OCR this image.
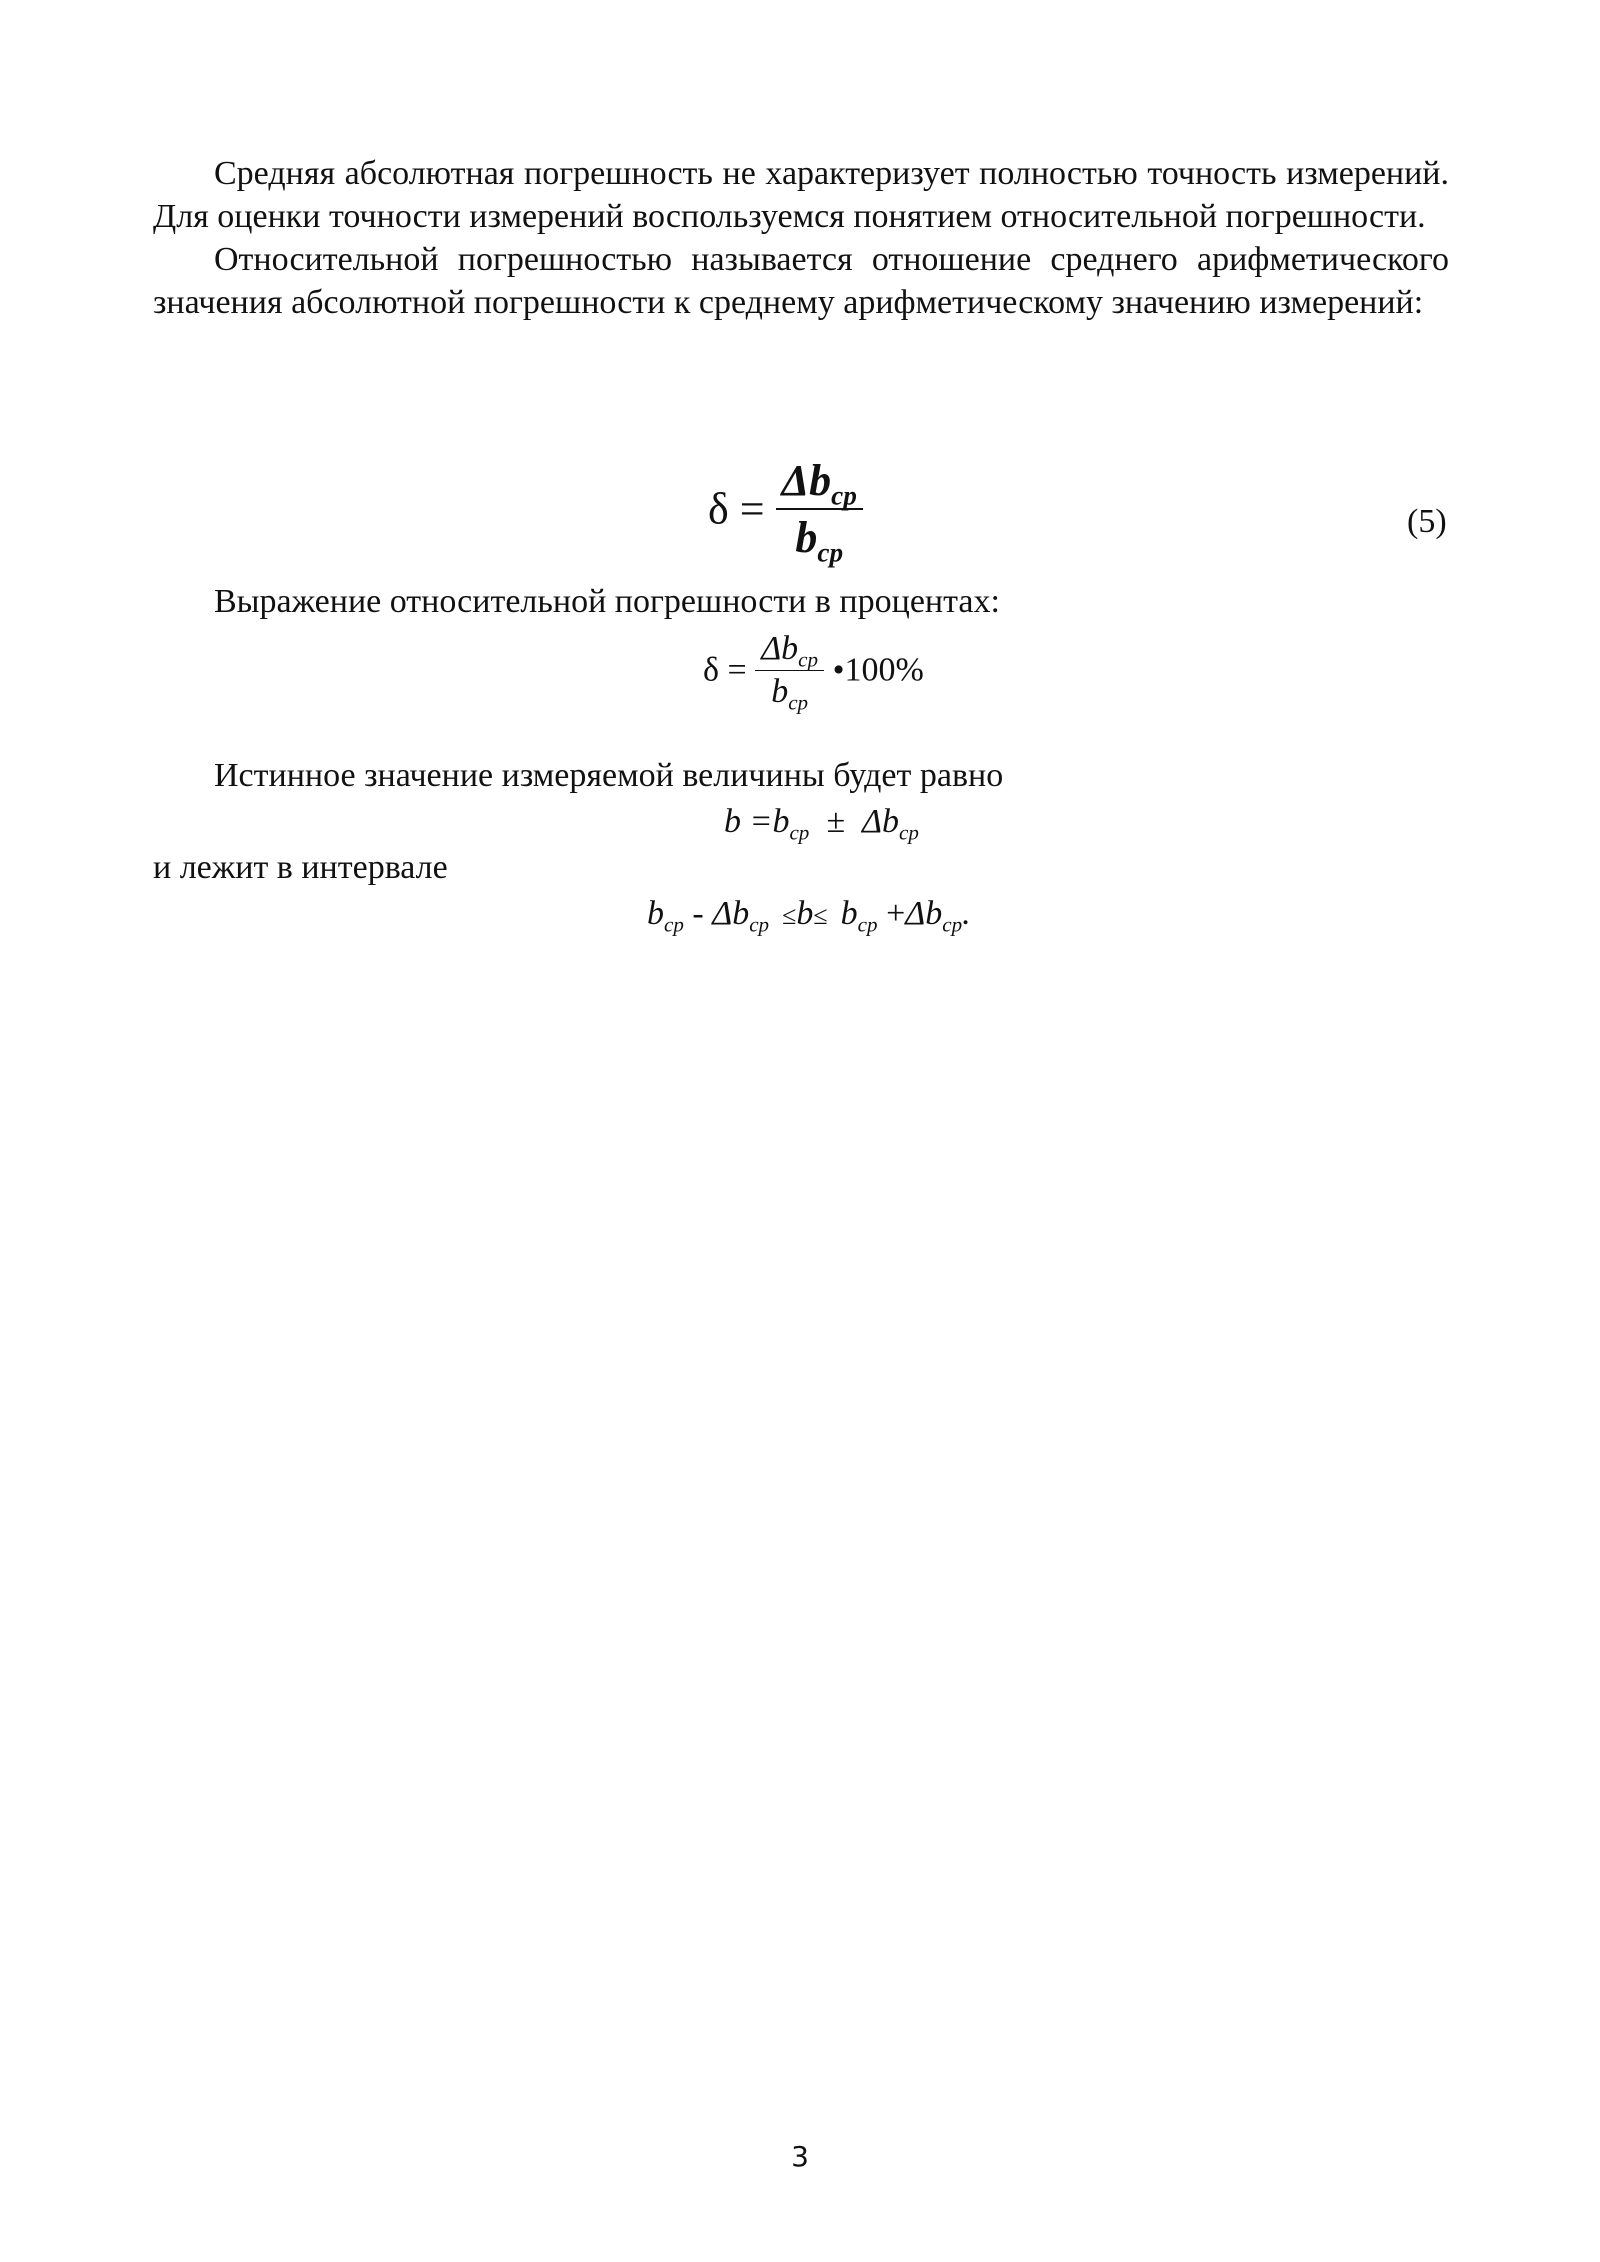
Средняя абсолютная погрешность не характеризует полностью точность измерений. Для оценки точности измерений воспользуемся понятием относительной погрешности.

Относительной погрешностью называется отношение среднего арифметического значения абсолютной погрешности к среднему арифметическому значению измерений:

$\delta = \frac{\Delta b_{cp}}{b_{cp}}$	(5)
Выражение относительной погрешности в процентах:
$\delta = \frac{\Delta b_{cp}}{b_{cp}}$ •100%
Истинное значение измеряемой величины будет равно
$b =b_{cp} \pm \Delta b_{cp}$
и лежит в интервале
$b_{cp} - \Delta b_{cp} \le b\le b_{cp} +\Delta b_{cp}$.
3
